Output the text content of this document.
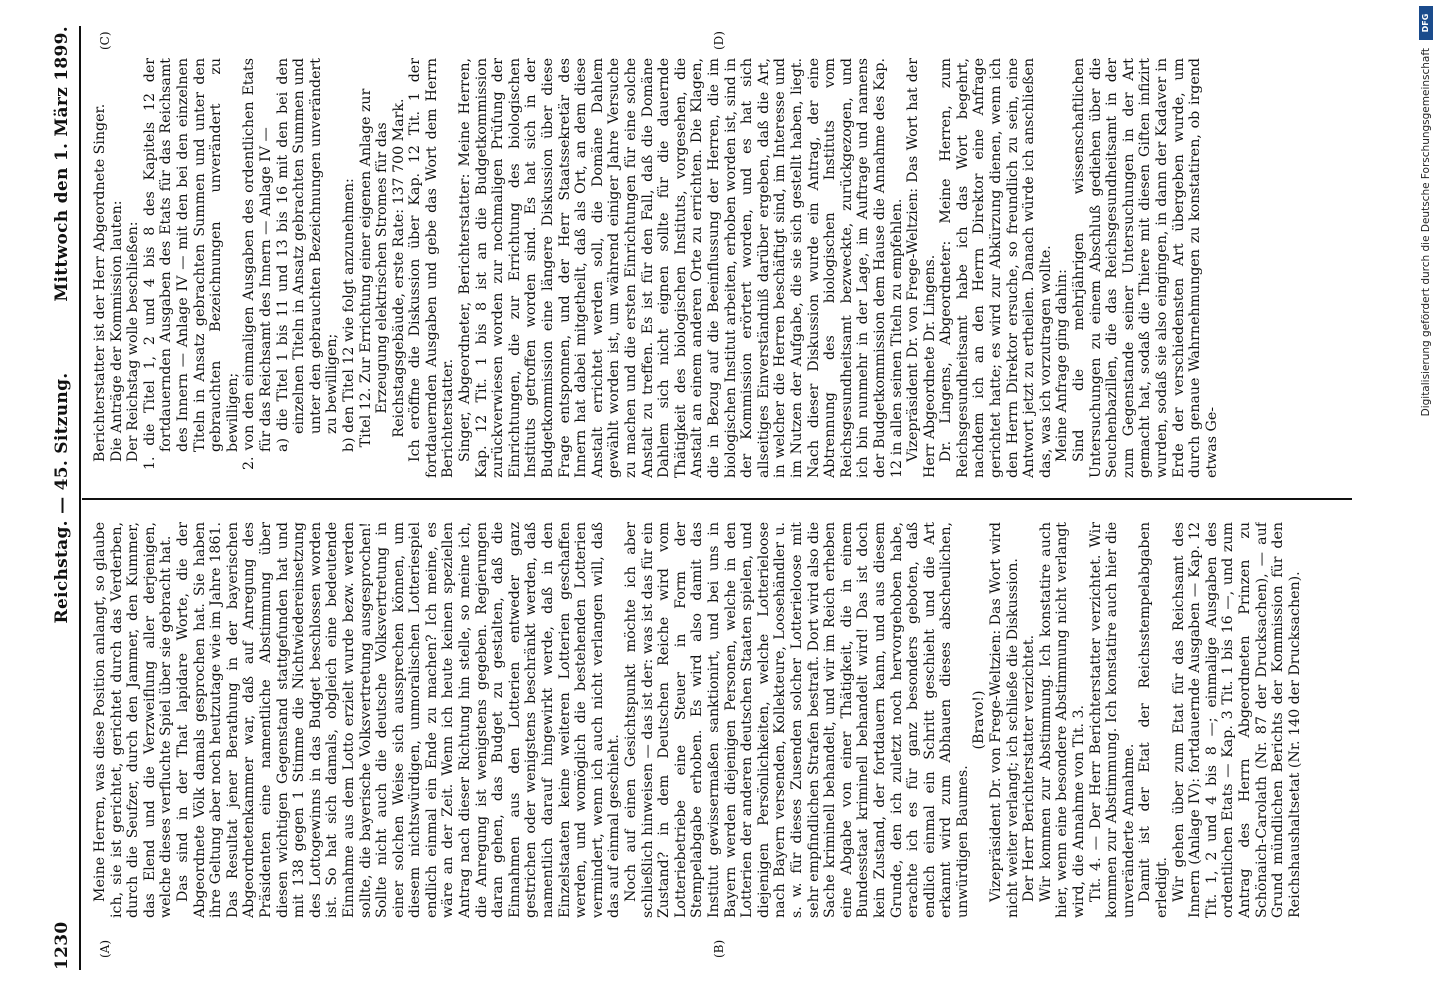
1230
Reichstag. — 45. Sitzung.
Mittwoch den 1. März 1899.
(A)	(B)
(C)	(D)

Meine Herren, was diese Position anlangt, so glaube ich, sie ist gerichtet, gerichtet durch das Verderben, durch die Seufzer, durch den Jammer, den Kummer, das Elend und die Verzweiflung aller derjenigen, welche dieses verfluchte Spiel über sie gebracht hat. Das sind in der That lapidare Worte, die der Abgeordnete Völk damals gesprochen hat. Sie haben ihre Geltung aber noch heutzutage wie im Jahre 1861. Das Resultat jener Berathung in der bayerischen Abgeordnetenkammer war, daß auf Anregung des Präsidenten eine namentliche Abstimmung über diesen wichtigen Gegenstand stattgefunden hat und mit 138 gegen 1 Stimme die Nichtwiedereinsetzung des Lottogewinns in das Budget beschlossen worden ist. So hat sich damals, obgleich eine bedeutende Einnahme aus dem Lotto erzielt wurde bezw. werden sollte, die bayerische Volksvertretung ausgesprochen! Sollte nicht auch die deutsche Volksvertretung in einer solchen Weise sich aussprechen können, um diesem nichtswürdigen, unmoralischen Lotteriespiel endlich einmal ein Ende zu machen? Ich meine, es wäre an der Zeit. Wenn ich heute keinen speziellen Antrag nach dieser Richtung hin stelle, so meine ich, die Anregung ist wenigstens gegeben. Regierungen daran gehen, das Budget zu gestalten, daß die Einnahmen aus den Lotterien entweder ganz gestrichen oder wenigstens beschränkt werden, daß namentlich darauf hingewirkt werde, daß in den Einzelstaaten keine weiteren Lotterien geschaffen werden, und womöglich die bestehenden Lotterien vermindert, wenn ich auch nicht verlangen will, daß das auf einmal geschieht. Noch auf einen Gesichtspunkt möchte ich aber schließlich hinweisen — das ist der: was ist das für ein Zustand? in dem Deutschen Reiche wird vom Lotteriebetriebe eine Steuer in Form der Stempelabgabe erhoben. Es wird also damit das Institut gewissermaßen sanktionirt, und bei uns in Bayern werden diejenigen Personen, welche in den Lotterien der anderen deutschen Staaten spielen, und diejenigen Persönlichkeiten, welche Lotterieloose nach Bayern versenden, Kollekteure, Loosehändler u. s. w. für dieses Zusenden solcher Lotterieloose mit sehr empfindlichen Strafen bestraft. Dort wird also die Sache kriminell behandelt, und wir im Reich erheben eine Abgabe von einer Thätigkeit, die in einem Bundesstaat kriminell behandelt wird! Das ist doch kein Zustand, der fortdauern kann, und aus diesem Grunde, den ich zuletzt noch hervorgehoben habe, erachte ich es für ganz besonders geboten, daß endlich einmal ein Schritt geschieht und die Art erkannt wird zum Abhauen dieses abscheulichen, unwürdigen Baumes.

(Bravo!) Vizepräsident Dr. von Frege-Weltzien: Das Wort wird nicht weiter verlangt; ich schließe die Diskussion. Der Herr Berichterstatter verzichtet. Wir kommen zur Abstimmung. Ich konstatire auch hier, wenn eine besondere Abstimmung nicht verlangt wird, die Annahme von Tit. 3. Tit. 4. — Der Herr Berichterstatter verzichtet. Wir kommen zur Abstimmung. Ich konstatire auch hier die unveränderte Annahme. Damit ist der Etat der Reichsstempelabgaben erledigt. Wir gehen über zum Etat für das Reichsamt des Innern (Anlage IV): fortdauernde Ausgaben — Kap. 12 Tit. 1, 2 und 4 bis 8 —; einmalige Ausgaben des ordentlichen Etats — Kap. 3 Tit. 1 bis 16 —, und zum Antrag des Herrn Abgeordneten Prinzen zu Schönaich-Carolath (Nr. 87 der Drucksachen), — auf Grund mündlichen Berichts der Kommission für den Reichshaushaltsetat (Nr. 140 der Drucksachen).

Berichterstatter ist der Herr Abgeordnete Singer. Die Anträge der Kommission lauten: Der Reichstag wolle beschließen: 1. die Titel 1, 2 und 4 bis 8 des Kapitels 12 der fortdauernden Ausgaben des Etats für das Reichsamt des Innern — Anlage IV — mit den bei den einzelnen Titeln in Ansatz gebrachten Summen und unter den gebrauchten Bezeichnungen unverändert zu bewilligen; 2. von den einmaligen Ausgaben des ordentlichen Etats für das Reichsamt des Innern — Anlage IV — a) die Titel 1 bis 11 und 13 bis 16 mit den bei den einzelnen Titeln in Ansatz gebrachten Summen und unter den gebrauchten Bezeichnungen unverändert zu bewilligen; b) den Titel 12 wie folgt anzunehmen: Titel 12. Zur Errichtung einer eigenen Anlage zur Erzeugung elektrischen Stromes für das Reichstagsgebäude, erste Rate: 137 700 Mark. Ich eröffne die Diskussion über Kap. 12 Tit. 1 der fortdauernden Ausgaben und gebe das Wort dem Herrn Berichterstatter. Singer, Abgeordneter, Berichterstatter: Meine Herren, Kap. 12 Tit. 1 bis 8 ist an die Budgetkommission zurückverwiesen worden zur nochmaligen Prüfung der Einrichtungen, die zur Errichtung des biologischen Instituts getroffen worden sind. Es hat sich in der Budgetkommission eine längere Diskussion über diese Frage entsponnen, und der Herr Staatssekretär des Innern hat dabei mitgetheilt, daß als Ort, an dem diese Anstalt errichtet werden soll, die Domäne Dahlem gewählt worden ist, um während einiger Jahre Versuche zu machen und die ersten Einrichtungen für eine solche Anstalt zu treffen. Es ist für den Fall, daß die Domäne Dahlem sich nicht eignen sollte für die dauernde Thätigkeit des biologischen Instituts, vorgesehen, die Anstalt an einem anderen Orte zu errichten. Die Klagen, die in Bezug auf die Beeinflussung der Herren, die im biologischen Institut arbeiten, erhoben worden ist, sind in der Kommission erörtert worden, und es hat sich allseitiges Einverständniß darüber ergeben, daß die Art, in welcher die Herren beschäftigt sind, im Interesse und im Nutzen der Aufgabe, die sie sich gestellt haben, liegt. Nach dieser Diskussion wurde ein Antrag, der eine Abtrennung des biologischen Instituts vom Reichsgesundheitsamt bezweckte, zurückgezogen, und ich bin nunmehr in der Lage, im Auftrage und namens der Budgetkommission dem Hause die Annahme des Kap. 12 in allen seinen Titeln zu empfehlen. Vizepräsident Dr. von Frege-Weltzien: Das Wort hat der Herr Abgeordnete Dr. Lingens. Dr. Lingens, Abgeordneter: Meine Herren, zum Reichsgesundheitsamt habe ich das Wort begehrt, nachdem ich an den Herrn Direktor eine Anfrage gerichtet hatte; es wird zur Abkürzung dienen, wenn ich den Herrn Direktor ersuche, so freundlich zu sein, eine Antwort jetzt zu ertheilen. Danach würde ich anschließen das, was ich vorzutragen wollte. Meine Anfrage ging dahin: Sind die mehrjährigen wissenschaftlichen Untersuchungen zu einem Abschluß gediehen über die Seuchenbazillen, die das Reichsgesundheitsamt in der zum Gegenstande seiner Untersuchungen in der Art gemacht hat, sodaß die Thiere mit diesen Giften infizirt wurden, sodaß sie also eingingen, in dann der Kadaver in Erde der verschiedensten Art übergeben wurde, um durch genaue Wahrnehmungen zu konstatiren, ob irgend etwas Ge-

Digitalisierung gefördert durch die Deutsche Forschungsgemeinschaft
DFG
